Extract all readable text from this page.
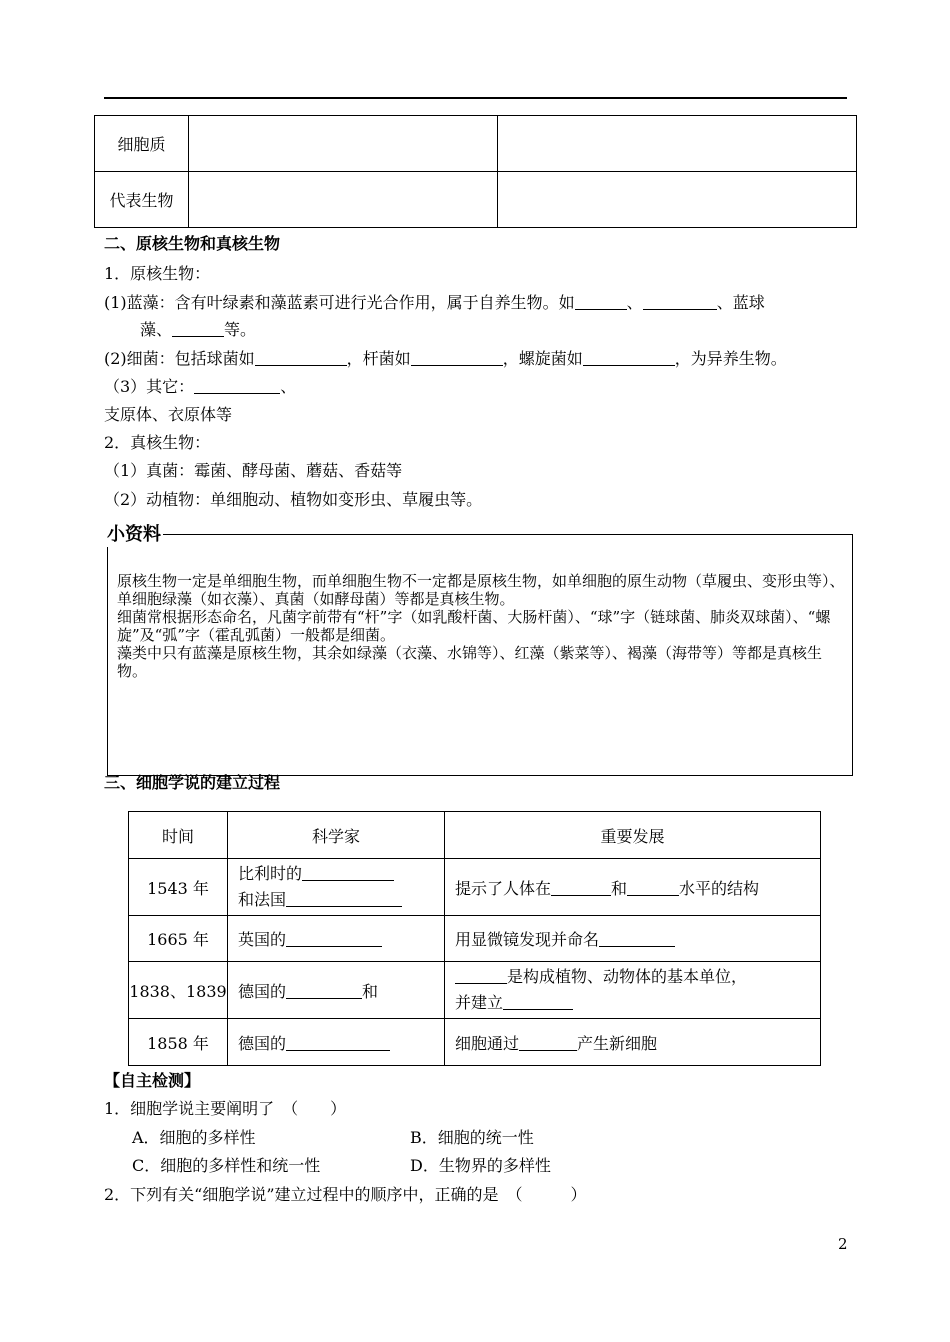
细胞质		
代表生物		
二、原核生物和真核生物
1．原核生物：
(1)蓝藻：含有叶绿素和藻蓝素可进行光合作用，属于自养生物。如	、	、蓝球
藻、	等。
(2)细菌：包括球菌如	，杆菌如	，螺旋菌如	，为异养生物。
（3）其它：	、
支原体、衣原体等
2．真核生物：
（1）真菌：霉菌、酵母菌、蘑菇、香菇等
（2）动植物：单细胞动、植物如变形虫、草履虫等。
小资料

原核生物一定是单细胞生物，而单细胞生物不一定都是原核生物，如单细胞的原生动物（草履虫、变形虫等）、单细胞绿藻（如衣藻）、真菌（如酵母菌）等都是真核生物。

细菌常根据形态命名，凡菌字前带有“杆”字（如乳酸杆菌、大肠杆菌）、“球”字（链球菌、肺炎双球菌）、“螺旋”及“弧”字（霍乱弧菌）一般都是细菌。

藻类中只有蓝藻是原核生物，其余如绿藻（衣藻、水锦等）、红藻（紫菜等）、褐藻（海带等）等都是真核生物。

三、细胞学说的建立过程
时间	科学家	重要发展
1543 年	比利时的
和法国	提示了人体在 和 水平的结构
1665 年	英国的	用显微镜发现并命名
1838、1839	德国的 和	是构成植物、动物体的基本单位，
并建立

1858 年	德国的	细胞通过 产生新细胞
【自主检测】
1．细胞学说主要阐明了　（　　）
A．细胞的多样性	B．细胞的统一性
C．细胞的多样性和统一性	D．生物界的多样性
2．下列有关“细胞学说”建立过程中的顺序中，正确的是　（　　　）
2
